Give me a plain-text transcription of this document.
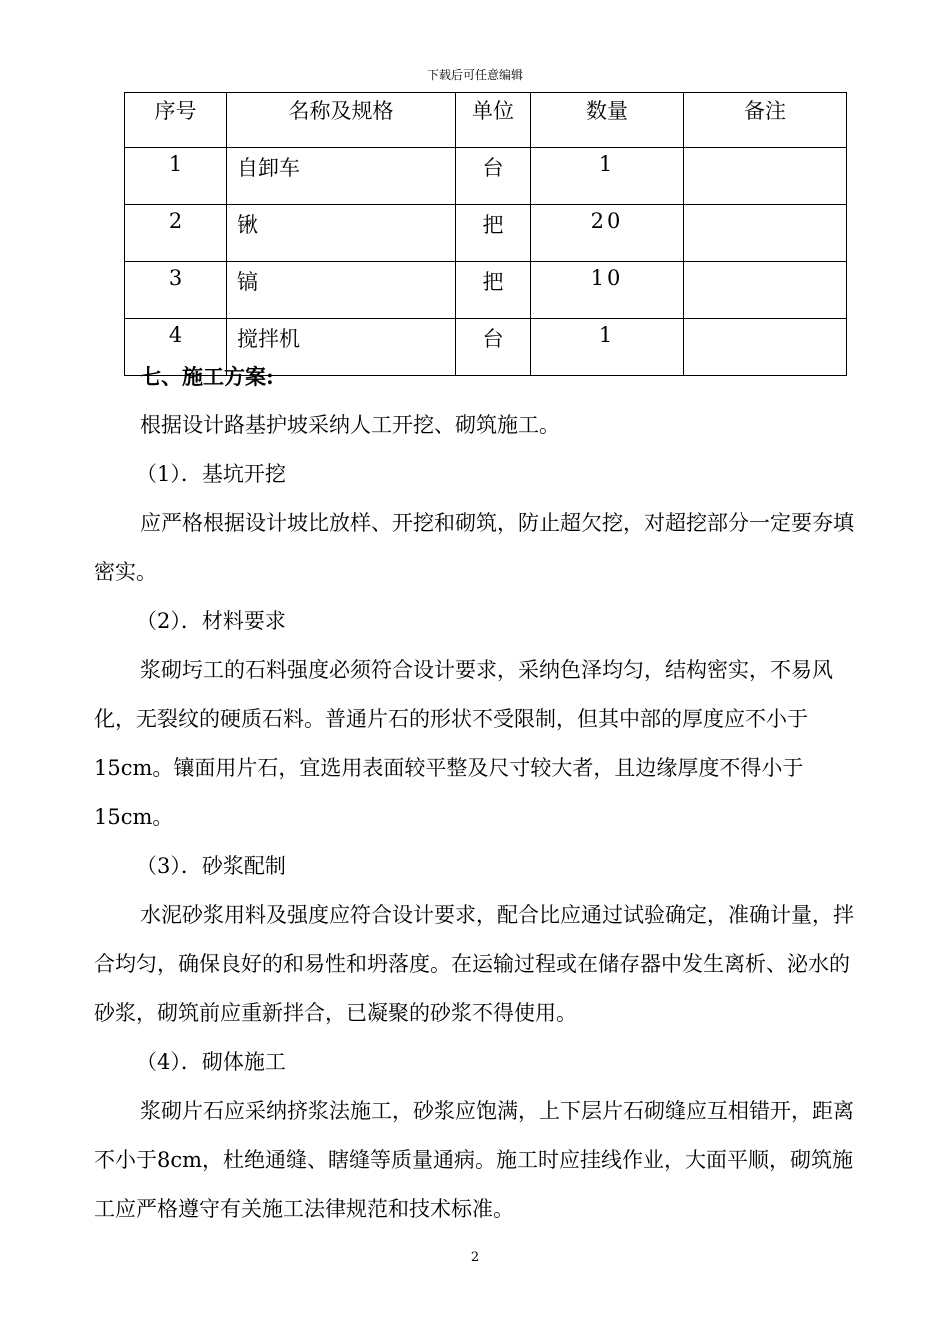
下载后可任意编辑
序号	名称及规格	单位	数量	备注
1	自卸车	台	1	
2	锹	把	20	
3	镐	把	10	
4	搅拌机	台	1	

七、施工方案:

根据设计路基护坡采纳人工开挖、砌筑施工。

（1）．基坑开挖

应严格根据设计坡比放样、开挖和砌筑，防止超欠挖，对超挖部分一定要夯填密实。

（2）．材料要求

浆砌圬工的石料强度必须符合设计要求，采纳色泽均匀，结构密实，不易风化，无裂纹的硬质石料。普通片石的形状不受限制，但其中部的厚度应不小于15cm。镶面用片石，宜选用表面较平整及尺寸较大者，且边缘厚度不得小于15cm。

（3）．砂浆配制

水泥砂浆用料及强度应符合设计要求，配合比应通过试验确定，准确计量，拌合均匀，确保良好的和易性和坍落度。在运输过程或在储存器中发生离析、泌水的砂浆，砌筑前应重新拌合，已凝聚的砂浆不得使用。

（4）．砌体施工

浆砌片石应采纳挤浆法施工，砂浆应饱满，上下层片石砌缝应互相错开，距离不小于8cm，杜绝通缝、瞎缝等质量通病。施工时应挂线作业，大面平顺，砌筑施工应严格遵守有关施工法律规范和技术标准。

2
